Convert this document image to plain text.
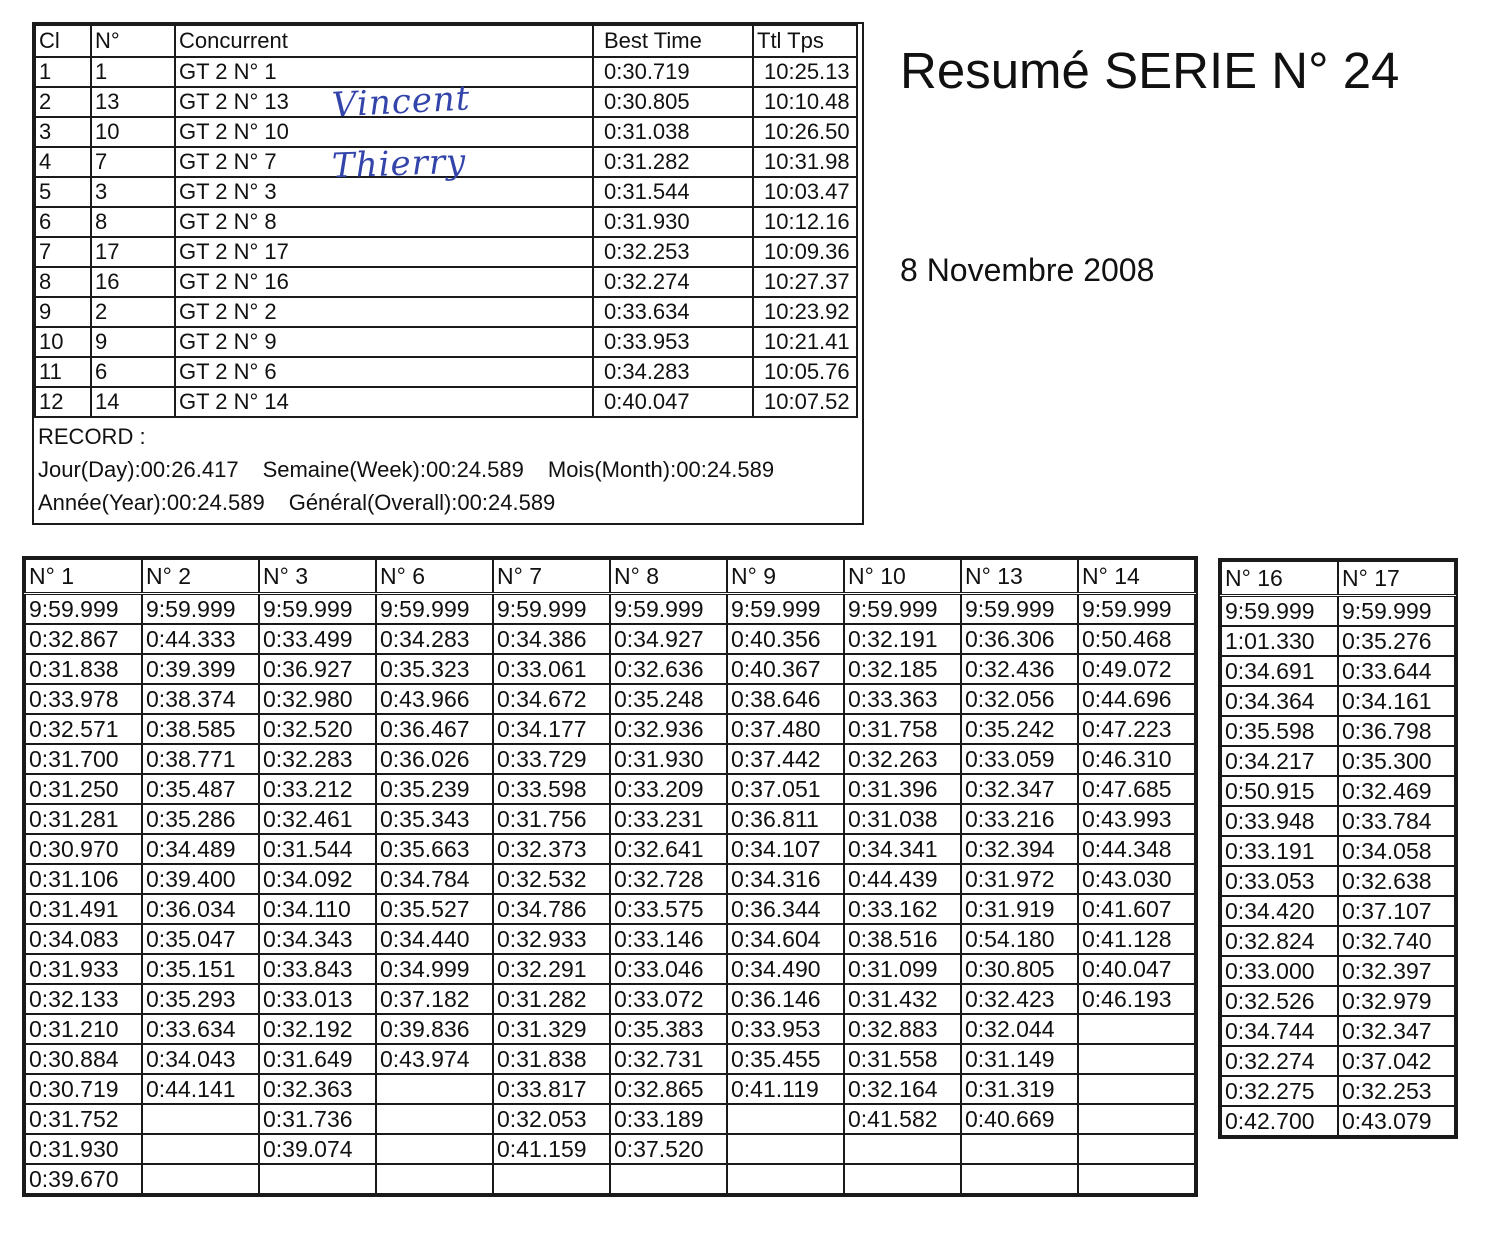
Cl	N°	Concurrent	Best Time	Ttl Tps
1	1	GT 2 N° 1	0:30.719	10:25.13
2	13	GT 2 N° 13	0:30.805	10:10.48
3	10	GT 2 N° 10	0:31.038	10:26.50
4	7	GT 2 N° 7	0:31.282	10:31.98
5	3	GT 2 N° 3	0:31.544	10:03.47
6	8	GT 2 N° 8	0:31.930	10:12.16
7	17	GT 2 N° 17	0:32.253	10:09.36
8	16	GT 2 N° 16	0:32.274	10:27.37
9	2	GT 2 N° 2	0:33.634	10:23.92
10	9	GT 2 N° 9	0:33.953	10:21.41
11	6	GT 2 N° 6	0:34.283	10:05.76
12	14	GT 2 N° 14	0:40.047	10:07.52
RECORD :
Jour(Day):00:26.417 Semaine(Week):00:24.589 Mois(Month):00:24.589
Année(Year):00:24.589 Général(Overall):00:24.589
Vincent
Thierry
Resumé SERIE N° 24
8 Novembre 2008
N° 1	N° 2	N° 3	N° 6	N° 7	N° 8	N° 9	N° 10	N° 13	N° 14
9:59.999	9:59.999	9:59.999	9:59.999	9:59.999	9:59.999	9:59.999	9:59.999	9:59.999	9:59.999
0:32.867	0:44.333	0:33.499	0:34.283	0:34.386	0:34.927	0:40.356	0:32.191	0:36.306	0:50.468
0:31.838	0:39.399	0:36.927	0:35.323	0:33.061	0:32.636	0:40.367	0:32.185	0:32.436	0:49.072
0:33.978	0:38.374	0:32.980	0:43.966	0:34.672	0:35.248	0:38.646	0:33.363	0:32.056	0:44.696
0:32.571	0:38.585	0:32.520	0:36.467	0:34.177	0:32.936	0:37.480	0:31.758	0:35.242	0:47.223
0:31.700	0:38.771	0:32.283	0:36.026	0:33.729	0:31.930	0:37.442	0:32.263	0:33.059	0:46.310
0:31.250	0:35.487	0:33.212	0:35.239	0:33.598	0:33.209	0:37.051	0:31.396	0:32.347	0:47.685
0:31.281	0:35.286	0:32.461	0:35.343	0:31.756	0:33.231	0:36.811	0:31.038	0:33.216	0:43.993
0:30.970	0:34.489	0:31.544	0:35.663	0:32.373	0:32.641	0:34.107	0:34.341	0:32.394	0:44.348
0:31.106	0:39.400	0:34.092	0:34.784	0:32.532	0:32.728	0:34.316	0:44.439	0:31.972	0:43.030
0:31.491	0:36.034	0:34.110	0:35.527	0:34.786	0:33.575	0:36.344	0:33.162	0:31.919	0:41.607
0:34.083	0:35.047	0:34.343	0:34.440	0:32.933	0:33.146	0:34.604	0:38.516	0:54.180	0:41.128
0:31.933	0:35.151	0:33.843	0:34.999	0:32.291	0:33.046	0:34.490	0:31.099	0:30.805	0:40.047
0:32.133	0:35.293	0:33.013	0:37.182	0:31.282	0:33.072	0:36.146	0:31.432	0:32.423	0:46.193
0:31.210	0:33.634	0:32.192	0:39.836	0:31.329	0:35.383	0:33.953	0:32.883	0:32.044	
0:30.884	0:34.043	0:31.649	0:43.974	0:31.838	0:32.731	0:35.455	0:31.558	0:31.149	
0:30.719	0:44.141	0:32.363		0:33.817	0:32.865	0:41.119	0:32.164	0:31.319	
0:31.752		0:31.736		0:32.053	0:33.189		0:41.582	0:40.669	
0:31.930		0:39.074		0:41.159	0:37.520				
0:39.670									
N° 16	N° 17
9:59.999	9:59.999
1:01.330	0:35.276
0:34.691	0:33.644
0:34.364	0:34.161
0:35.598	0:36.798
0:34.217	0:35.300
0:50.915	0:32.469
0:33.948	0:33.784
0:33.191	0:34.058
0:33.053	0:32.638
0:34.420	0:37.107
0:32.824	0:32.740
0:33.000	0:32.397
0:32.526	0:32.979
0:34.744	0:32.347
0:32.274	0:37.042
0:32.275	0:32.253
0:42.700	0:43.079
